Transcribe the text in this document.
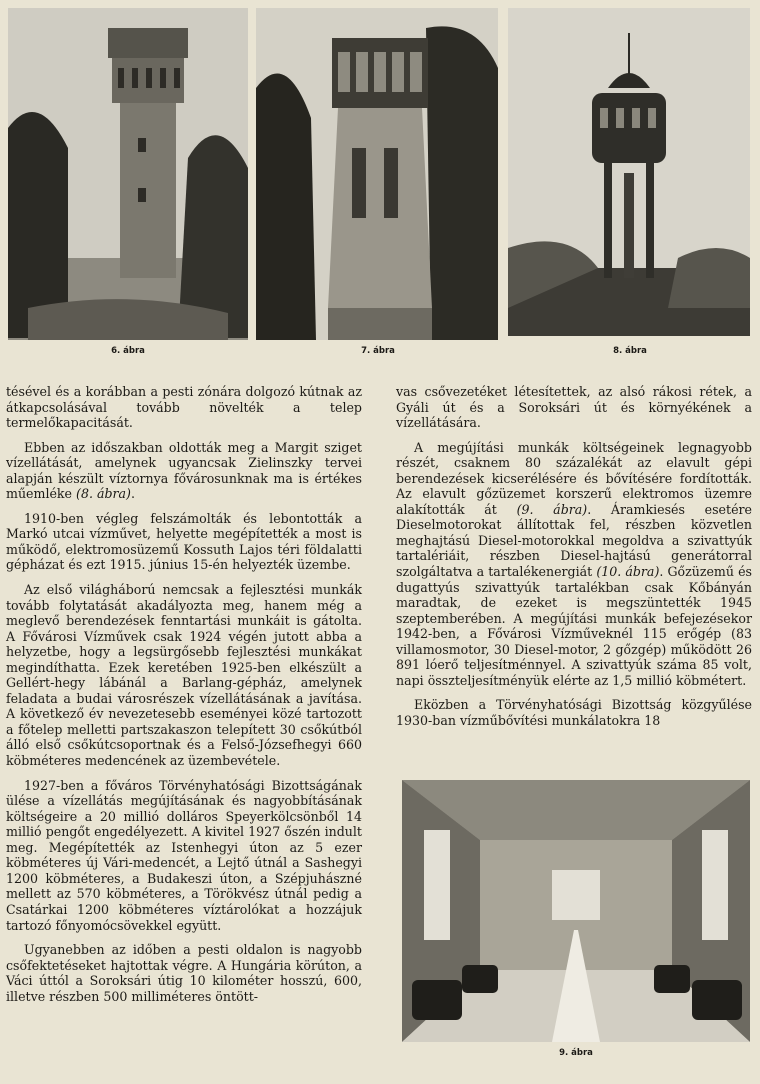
6. ábra	7. ábra	8. ábra

tésével és a korábban a pesti zónára dolgozó kútnak az átkapcsolásával tovább növelték a telep termelőkapacitását.

Ebben az időszakban oldották meg a Margit sziget vízellátását, amelynek ugyancsak Zielinszky tervei alapján készült víztornya fővárosunknak ma is értékes műemléke (8. ábra).

1910-ben végleg felszámolták és lebontották a Markó utcai vízművet, helyette megépítették a most is működő, elektromosüzemű Kossuth Lajos téri földalatti gépházat és ezt 1915. június 15-én helyezték üzembe.

Az első világháború nemcsak a fejlesztési munkák tovább folytatását akadályozta meg, hanem még a meglevő berendezések fenntartási munkáit is gátolta. A Fővárosi Vízművek csak 1924 végén jutott abba a helyzetbe, hogy a legsürgősebb fejlesztési munkákat megindíthatta. Ezek keretében 1925-ben elkészült a Gellért-hegy lábánál a Barlang-gépház, amelynek feladata a budai városrészek vízellátásának a javítása. A következő év nevezetesebb eseményei közé tartozott a főtelep melletti partszakaszon telepített 30 csőkútból álló első csőkútcsoportnak és a Felső-Józsefhegyi 660 köbméteres medencének az üzembevétele.

1927-ben a főváros Törvényhatósági Bizottságának ülése a vízellátás megújításának és nagyobbításának költségeire a 20 millió dolláros Speyerkölcsönből 14 millió pengőt engedélyezett. A kivitel 1927 őszén indult meg. Megépítették az Istenhegyi úton az 5 ezer köbméteres új Vári-medencét, a Lejtő útnál a Sashegyi 1200 köbméteres, a Budakeszi úton, a Szépjuhászné mellett az 570 köbméteres, a Törökvész útnál pedig a Csatárkai 1200 köbméteres víztárolókat a hozzájuk tartozó főnyomócsövekkel együtt.

Ugyanebben az időben a pesti oldalon is nagyobb csőfektetéseket hajtottak végre. A Hungária körúton, a Váci úttól a Soroksári útig 10 kilométer hosszú, 600, illetve részben 500 milliméteres öntött-

vas csővezetéket létesítettek, az alsó rákosi rétek, a Gyáli út és a Soroksári út és környékének a vízellátására.

A megújítási munkák költségeinek legnagyobb részét, csaknem 80 százalékát az elavult gépi berendezések kicserélésére és bővítésére fordították. Az elavult gőzüzemet korszerű elektromos üzemre alakították át (9. ábra). Áramkiesés esetére Dieselmotorokat állítottak fel, részben közvetlen meghajtású Diesel-motorokkal megoldva a szivattyúk tartalériáit, részben Diesel-hajtású generátorral szolgáltatva a tartalékenergiát (10. ábra). Gőzüzemű és dugattyús szivattyúk tartalékban csak Kőbányán maradtak, de ezeket is megszüntették 1945 szeptemberében. A megújítási munkák befejezésekor 1942-ben, a Fővárosi Vízműveknél 115 erőgép (83 villamosmotor, 30 Diesel-motor, 2 gőzgép) működött 26 891 lóerő teljesítménnyel. A szivattyúk száma 85 volt, napi összteljesítményük elérte az 1,5 millió köbmétert.

Eközben a Törvényhatósági Bizottság közgyűlése 1930-ban vízműbővítési munkálatokra 18

9. ábra
